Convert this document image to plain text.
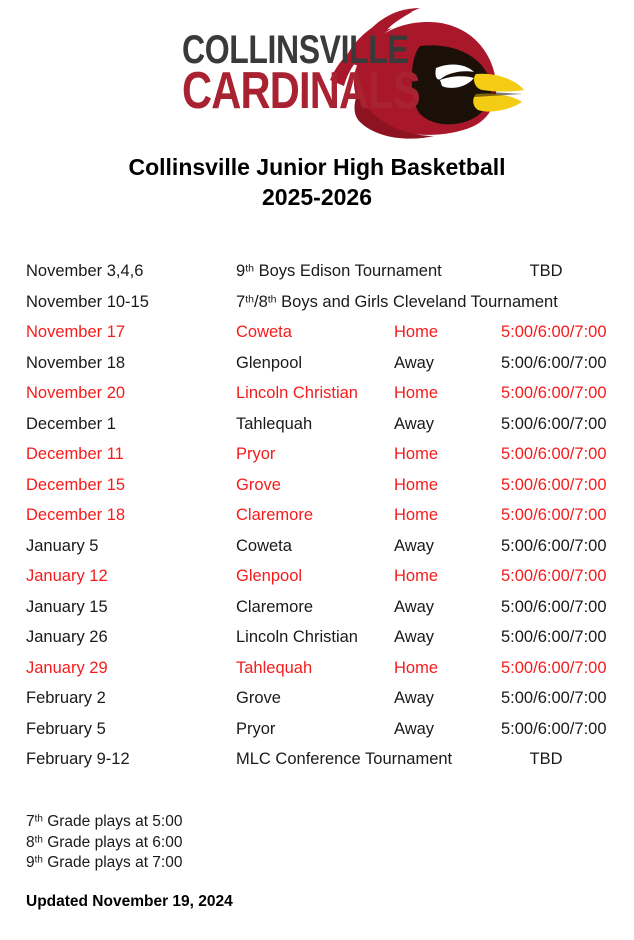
COLLINSVILLE
CARDINALS
Collinsville Junior High Basketball
2025-2026
November 3,4,6	9th Boys Edison Tournament	TBD
November 10-15	7th/8th Boys and Girls Cleveland Tournament
November 17	Coweta	Home	5:00/6:00/7:00
November 18	Glenpool	Away	5:00/6:00/7:00
November 20	Lincoln Christian Home	5:00/6:00/7:00
December 1	Tahlequah	Away	5:00/6:00/7:00
December 11	Pryor	Home	5:00/6:00/7:00
December 15	Grove	Home	5:00/6:00/7:00
December 18	Claremore	Home	5:00/6:00/7:00
January 5	Coweta	Away	5:00/6:00/7:00
January 12	Glenpool	Home	5:00/6:00/7:00
January 15	Claremore	Away	5:00/6:00/7:00
January 26	Lincoln Christian Away	5:00/6:00/7:00
January 29	Tahlequah	Home	5:00/6:00/7:00
February 2	Grove	Away	5:00/6:00/7:00
February 5	Pryor	Away	5:00/6:00/7:00
February 9-12	MLC Conference Tournament	TBD
7th Grade plays at 5:00
8th Grade plays at 6:00
9th Grade plays at 7:00
Updated November 19, 2024
